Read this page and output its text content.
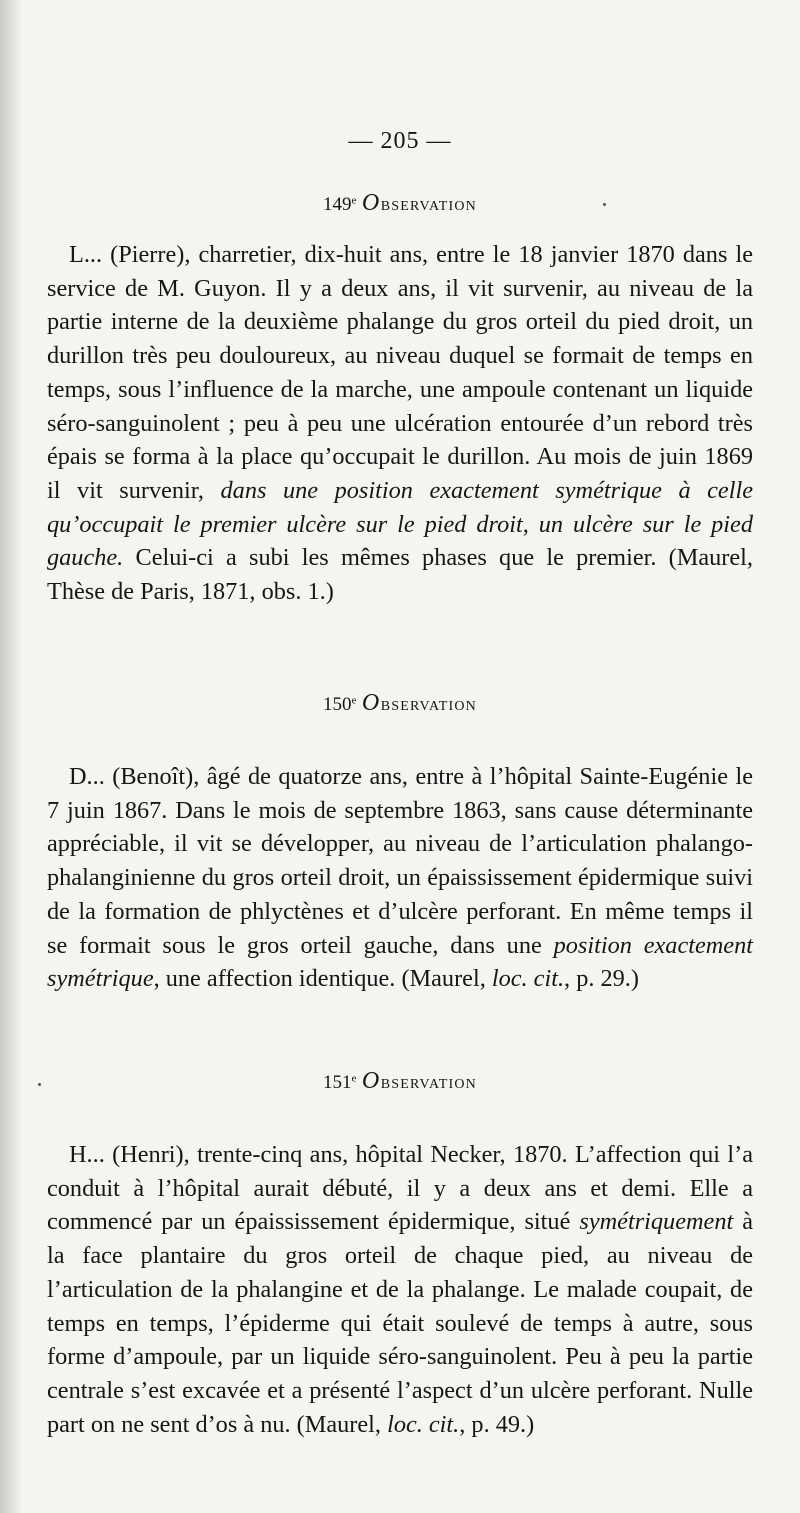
— 205 —
149e OBSERVATION

L... (Pierre), charretier, dix-huit ans, entre le 18 janvier 1870 dans le service de M. Guyon. Il y a deux ans, il vit survenir, au niveau de la partie interne de la deuxième phalange du gros orteil du pied droit, un durillon très peu douloureux, au niveau duquel se formait de temps en temps, sous l’influence de la marche, une ampoule contenant un liquide séro-sanguinolent ; peu à peu une ulcération entourée d’un rebord très épais se forma à la place qu’occupait le durillon. Au mois de juin 1869 il vit survenir, dans une position exactement symétrique à celle qu’occupait le premier ulcère sur le pied droit, un ulcère sur le pied gauche. Celui-ci a subi les mêmes phases que le premier. (Maurel, Thèse de Paris, 1871, obs. 1.)

150e OBSERVATION

D... (Benoît), âgé de quatorze ans, entre à l’hôpital Sainte-Eugénie le 7 juin 1867. Dans le mois de septembre 1863, sans cause déterminante appréciable, il vit se développer, au niveau de l’articulation phalango-phalanginienne du gros orteil droit, un épaississement épidermique suivi de la formation de phlyctènes et d’ulcère perforant. En même temps il se formait sous le gros orteil gauche, dans une position exactement symétrique, une affection identique. (Maurel, loc. cit., p. 29.)

151e OBSERVATION

H... (Henri), trente-cinq ans, hôpital Necker, 1870. L’affection qui l’a conduit à l’hôpital aurait débuté, il y a deux ans et demi. Elle a commencé par un épaississement épidermique, situé symétriquement à la face plantaire du gros orteil de chaque pied, au niveau de l’articulation de la phalangine et de la phalange. Le malade coupait, de temps en temps, l’épiderme qui était soulevé de temps à autre, sous forme d’ampoule, par un liquide séro-sanguinolent. Peu à peu la partie centrale s’est excavée et a présenté l’aspect d’un ulcère perforant. Nulle part on ne sent d’os à nu. (Maurel, loc. cit., p. 49.)
